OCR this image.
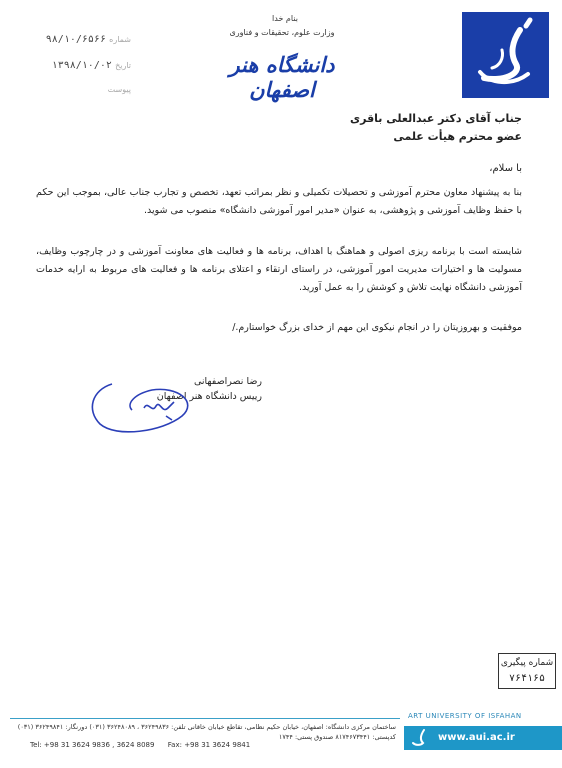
بنام خدا
وزارت علوم، تحقیقات و فناوری
دانشگاه هنر اصفهان
شماره ۹۸/۱۰/۶۵۶۶
تاریخ ۱۳۹۸/۱۰/۰۲
پیوست
جناب آقای دکتر عبدالعلی باقری
عضو محترم هیأت علمی
با سلام،
بنا به پیشنهاد معاون محترم آموزشی و تحصیلات تکمیلی و نظر بمراتب تعهد، تخصص و تجارب جناب عالی، بموجب این حکم با حفظ وظایف آموزشی و پژوهشی، به عنوان «مدیر امور آموزشی دانشگاه» منصوب می شوید.
شایسته است با برنامه ریزی اصولی و هماهنگ با اهداف، برنامه ها و فعالیت های معاونت آموزشی و در چارچوب وظایف، مسولیت ها و اختیارات مدیریت امور آموزشی، در راستای ارتقاء و اعتلای برنامه ها و فعالیت های مربوط به ارایه خدمات آموزشی دانشگاه نهایت تلاش و کوشش را به عمل آورید.
موفقیت و بهروزیتان را در انجام نیکوی این مهم از خدای بزرگ خواستارم./
رضا نصراصفهانی
رییس دانشگاه هنر اصفهان
شماره پیگیری
۷۶۴۱۶۵
ART UNIVERSITY OF ISFAHAN
ساختمان مرکزی دانشگاه: اصفهان، خیابان حکیم نظامی، تقاطع خیابان خاقانی تلفن: ۳۶۲۴۹۸۳۶ ، ۳۶۲۴۸۰۸۹ (۰۳۱) دورنگار: ۳۶۲۴۹۸۴۱ (۰۳۱) کدپستی: ۸۱۷۴۶۷۳۴۴۱ صندوق پستی: ۱۷۴۴
Tel: +98 31 3624 9836 , 3624 8089 Fax: +98 31 3624 9841
www.aui.ac.ir
